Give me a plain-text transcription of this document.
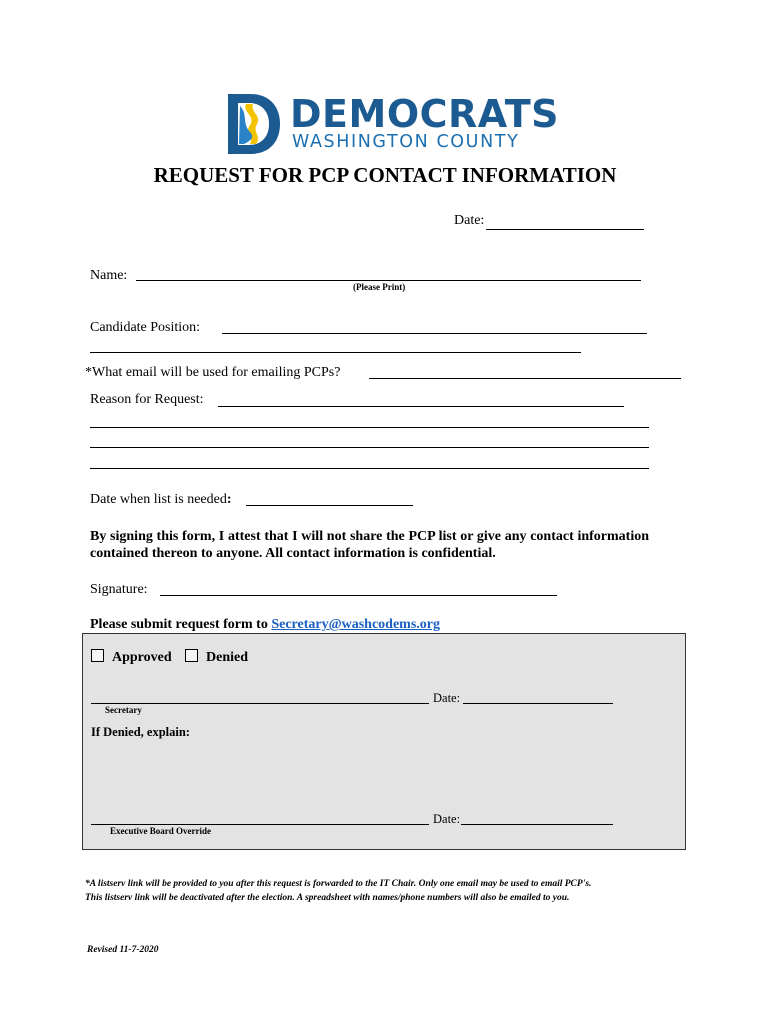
DEMOCRATS
WASHINGTON COUNTY
REQUEST FOR PCP CONTACT INFORMATION
Date:
Name:
(Please Print)
Candidate Position:
*What email will be used for emailing PCPs?
Reason for Request:
Date when list is needed:
By signing this form, I attest that I will not share the PCP list or give any contact information contained thereon to anyone. All contact information is confidential.
Signature:
Please submit request form to Secretary@washcodems.org
Approved	Denied
Secretary
Date:
If Denied, explain:
Executive Board Override
Date:
*A listserv link will be provided to you after this request is forwarded to the IT Chair. Only one email may be used to email PCP's.
This listserv link will be deactivated after the election. A spreadsheet with names/phone numbers will also be emailed to you.
Revised 11-7-2020
